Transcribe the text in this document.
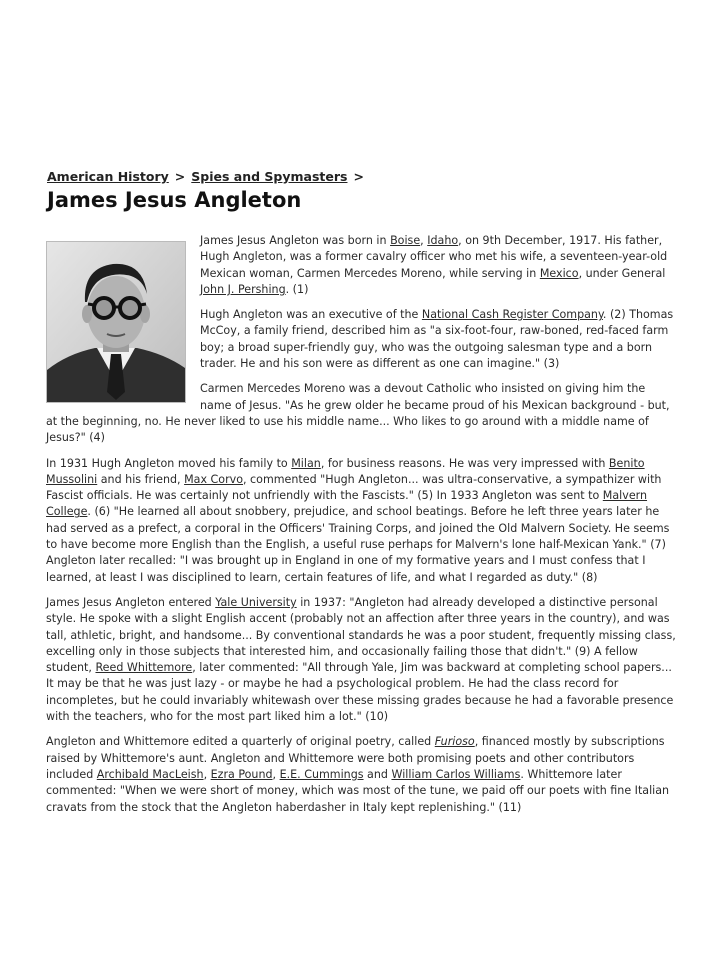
American History > Spies and Spymasters >
James Jesus Angleton

James Jesus Angleton was born in Boise, Idaho, on 9th December, 1917. His father, Hugh Angleton, was a former cavalry officer who met his wife, a seventeen-year-old Mexican woman, Carmen Mercedes Moreno, while serving in Mexico, under General John J. Pershing. (1)

Hugh Angleton was an executive of the National Cash Register Company. (2) Thomas McCoy, a family friend, described him as "a six-foot-four, raw-boned, red-faced farm boy; a broad super-friendly guy, who was the outgoing salesman type and a born trader. He and his son were as different as one can imagine." (3)

Carmen Mercedes Moreno was a devout Catholic who insisted on giving him the name of Jesus. "As he grew older he became proud of his Mexican background - but, at the beginning, no. He never liked to use his middle name... Who likes to go around with a middle name of Jesus?" (4)

In 1931 Hugh Angleton moved his family to Milan, for business reasons. He was very impressed with Benito Mussolini and his friend, Max Corvo, commented "Hugh Angleton... was ultra-conservative, a sympathizer with Fascist officials. He was certainly not unfriendly with the Fascists." (5) In 1933 Angleton was sent to Malvern College. (6) "He learned all about snobbery, prejudice, and school beatings. Before he left three years later he had served as a prefect, a corporal in the Officers' Training Corps, and joined the Old Malvern Society. He seems to have become more English than the English, a useful ruse perhaps for Malvern's lone half-Mexican Yank." (7) Angleton later recalled: "I was brought up in England in one of my formative years and I must confess that I learned, at least I was disciplined to learn, certain features of life, and what I regarded as duty." (8)

James Jesus Angleton entered Yale University in 1937: "Angleton had already developed a distinctive personal style. He spoke with a slight English accent (probably not an affection after three years in the country), and was tall, athletic, bright, and handsome... By conventional standards he was a poor student, frequently missing class, excelling only in those subjects that interested him, and occasionally failing those that didn't." (9) A fellow student, Reed Whittemore, later commented: "All through Yale, Jim was backward at completing school papers... It may be that he was just lazy - or maybe he had a psychological problem. He had the class record for incompletes, but he could invariably whitewash over these missing grades because he had a favorable presence with the teachers, who for the most part liked him a lot." (10)

Angleton and Whittemore edited a quarterly of original poetry, called Furioso, financed mostly by subscriptions raised by Whittemore's aunt. Angleton and Whittemore were both promising poets and other contributors included Archibald MacLeish, Ezra Pound, E.E. Cummings and William Carlos Williams. Whittemore later commented: "When we were short of money, which was most of the tune, we paid off our poets with fine Italian cravats from the stock that the Angleton haberdasher in Italy kept replenishing." (11)
